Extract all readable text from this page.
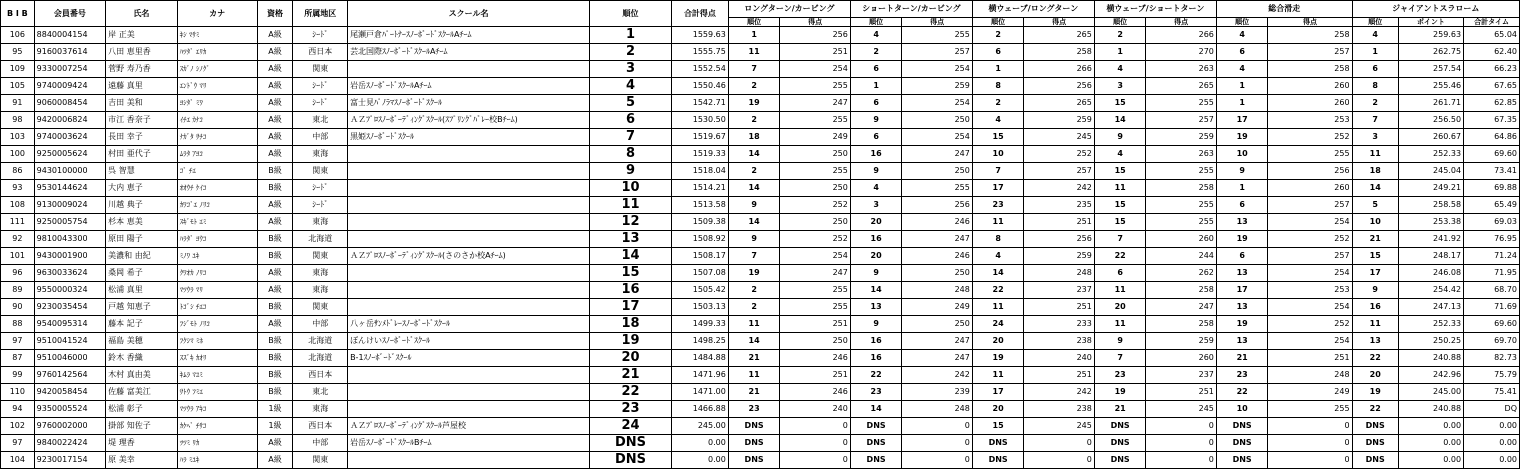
B I B	会員番号	氏名	カナ	資格	所属地区	スクール名	順位	合計得点	ロングターン/カービング		ショートターン/カービング		横ウェーブ/ロングターン		横ウェーブ/ショートターン		総合滑走		ジャイアントスラローム		
									順位	得点	順位	得点	順位	得点	順位	得点	順位	得点	順位	ポイント	合計タイム
106	8840004154	岸 正美	ｷｼ ﾏｻﾐ	A級	ｼｰﾄﾞ	尾瀬戸倉ﾊﾟｰﾄﾅｰｽﾉｰﾎﾞｰﾄﾞｽｸｰﾙAﾁｰﾑ	1	1559.63	1	256	4	255	2	265	2	266	4	258	4	259.63	65.04
95	9160037614	八田 恵里香	ﾊﾂﾀﾞ ｴﾘｶ	A級	西日本	芸北国際ｽﾉｰﾎﾞｰﾄﾞｽｸｰﾙAﾁｰﾑ	2	1555.75	11	251	2	257	6	258	1	270	6	257	1	262.75	62.40
109	9330007254	菅野 寿乃香	ｽｶﾞﾉ ｼﾉｸﾞ	A級	関東		3	1552.54	7	254	6	254	1	266	4	263	4	258	6	257.54	66.23
105	9740009424	遠藤 真里	ｴﾝﾄﾞｳ ﾏﾘ	A級	ｼｰﾄﾞ	岩岳ｽﾉｰﾎﾞｰﾄﾞｽｸｰﾙAﾁｰﾑ	4	1550.46	2	255	1	259	8	256	3	265	1	260	8	255.46	67.65
91	9060008454	吉田 美和	ﾖｼﾀﾞ ﾐﾜ	A級	ｼｰﾄﾞ	富士見ﾊﾟﾉﾗﾏｽﾉｰﾎﾞｰﾄﾞｽｸｰﾙ	5	1542.71	19	247	6	254	2	265	15	255	1	260	2	261.71	62.85
98	9420006824	市江 香奈子	ｲﾁｴ ｶﾅｺ	A級	東北	ＡＺﾌﾟﾛｽﾉｰﾎﾞｰﾃﾞｨﾝｸﾞｽｸｰﾙ(ｽﾌﾟﾘﾝｸﾞﾊﾞﾚｰ校Bﾁｰﾑ)	6	1530.50	2	255	9	250	4	259	14	257	17	253	7	256.50	67.35
103	9740003624	長田 幸子	ﾅｶﾞﾀ ｻﾁｺ	A級	中部	黒姫ｽﾉｰﾎﾞｰﾄﾞｽｸｰﾙ	7	1519.67	18	249	6	254	15	245	9	259	19	252	3	260.67	64.86
100	9250005624	村田 亜代子	ﾑﾗﾀ ｱﾖｺ	A級	東海		8	1519.33	14	250	16	247	10	252	4	263	10	255	11	252.33	69.60
86	9430100000	呉 智慧	ｺﾞ ﾁｴ	B級	関東		9	1518.04	2	255	9	250	7	257	15	255	9	256	18	245.04	73.41
93	9530144624	大内 恵子	ｵｵｳﾁ ｹｲｺ	B級	ｼｰﾄﾞ		10	1514.21	14	250	4	255	17	242	11	258	1	260	14	249.21	69.88
108	9130009024	川越 典子	ｶﾜｺﾞｴ ﾉﾘｺ	A級	ｼｰﾄﾞ		11	1513.58	9	252	3	256	23	235	15	255	6	257	5	258.58	65.49
111	9250005754	杉本 恵美	ｽｷﾞﾓﾄ ｴﾐ	A級	東海		12	1509.38	14	250	20	246	11	251	15	255	13	254	10	253.38	69.03
92	9810043300	原田 陽子	ﾊﾗﾀﾞ ﾖｳｺ	B級	北海道		13	1508.92	9	252	16	247	8	256	7	260	19	252	21	241.92	76.95
101	9430001900	美濃和 由紀	ﾐﾉﾜ ﾕｷ	B級	関東	ＡＺﾌﾟﾛｽﾉｰﾎﾞｰﾃﾞｨﾝｸﾞｽｸｰﾙ(さのさか校Aﾁｰﾑ)	14	1508.17	7	254	20	246	4	259	22	244	6	257	15	248.17	71.24
96	9630033624	桑岡 希子	ｸﾜｵｶ ﾉﾘｺ	A級	東海		15	1507.08	19	247	9	250	14	248	6	262	13	254	17	246.08	71.95
89	9550000324	松浦 真里	ﾏﾂｳﾗ ﾏﾘ	A級	東海		16	1505.42	2	255	14	248	22	237	11	258	17	253	9	254.42	68.70
90	9230035454	戸越 知恵子	ﾄｺﾞｼ ﾁｴｺ	B級	関東		17	1503.13	2	255	13	249	11	251	20	247	13	254	16	247.13	71.69
88	9540095314	藤本 記子	ﾌｼﾞﾓﾄ ﾉﾘｺ	A級	中部	八ヶ岳ｻﾝﾒﾄﾞﾚｰｽﾉｰﾎﾞｰﾄﾞｽｸｰﾙ	18	1499.33	11	251	9	250	24	233	11	258	19	252	11	252.33	69.60
97	9510041524	福島 美穂	ﾌｸｼﾏ ﾐﾎ	B級	北海道	ぼんけいｽﾉｰﾎﾞｰﾄﾞｽｸｰﾙ	19	1498.25	14	250	16	247	20	238	9	259	13	254	13	250.25	69.70
87	9510046000	鈴木 香織	ｽｽﾞｷ ｶｵﾘ	B級	北海道	B-1ｽﾉｰﾎﾞｰﾄﾞｽｸｰﾙ	20	1484.88	21	246	16	247	19	240	7	260	21	251	22	240.88	82.73
99	9760142564	木村 真由美	ｷﾑﾗ ﾏﾕﾐ	B級	西日本		21	1471.96	11	251	22	242	11	251	23	237	23	248	20	242.96	75.79
110	9420058454	佐藤 富美江	ｻﾄｳ ﾌﾐｴ	B級	東北		22	1471.00	21	246	23	239	17	242	19	251	22	249	19	245.00	75.41
94	9350005524	松浦 彰子	ﾏﾂｳﾗ ｱｷｺ	1級	東海		23	1466.88	23	240	14	248	20	238	21	245	10	255	22	240.88	DQ
102	9760002000	掛部 知佐子	ｶｹﾍﾞ ﾁｻｺ	1級	西日本	ＡＺﾌﾟﾛｽﾉｰﾎﾞｰﾃﾞｨﾝｸﾞｽｸｰﾙ芦屋校	24	245.00	DNS	0	DNS	0	15	245	DNS	0	DNS	0	DNS	0.00	0.00
97	9840022424	堤 理香	ﾂﾂﾐ ﾘｶ	A級	中部	岩岳ｽﾉｰﾎﾞｰﾄﾞｽｸｰﾙBﾁｰﾑ	DNS	0.00	DNS	0	DNS	0	DNS	0	DNS	0	DNS	0	DNS	0.00	0.00
104	9230017154	原 美幸	ﾊﾗ ﾐﾕｷ	A級	関東		DNS	0.00	DNS	0	DNS	0	DNS	0	DNS	0	DNS	0	DNS	0.00	0.00
